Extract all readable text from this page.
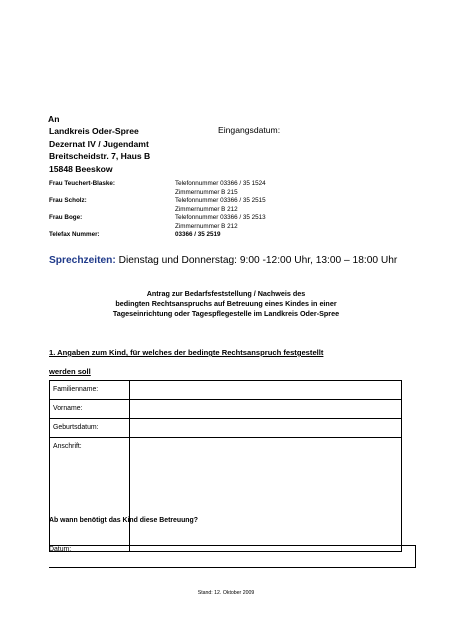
An
Landkreis Oder-Spree
Dezernat IV / Jugendamt
Breitscheidstr. 7, Haus B
15848 Beeskow
Eingangsdatum:
Frau Teuchert-Blaske:	Telefonnummer 03366 / 35 1524
Zimmernummer B 215
Frau Scholz:	Telefonnummer 03366 / 35 2515
Zimmernummer B 212
Frau Boge:	Telefonnummer 03366 / 35 2513
Zimmernummer B 212
Telefax Nummer:	03366 / 35 2519
Sprechzeiten: Dienstag und Donnerstag: 9:00 -12:00 Uhr, 13:00 – 18:00 Uhr
Antrag zur Bedarfsfeststellung / Nachweis des
bedingten Rechtsanspruchs auf Betreuung eines Kindes in einer
Tageseinrichtung oder Tagespflegestelle im Landkreis Oder-Spree
1. Angaben zum Kind, für welches der bedingte Rechtsanspruch festgestellt
werden soll
Familienname:	
Vorname:	
Geburtsdatum:	
Anschrift:	
Ab wann benötigt das Kind diese Betreuung?
Datum:
Stand: 12. Oktober 2009
